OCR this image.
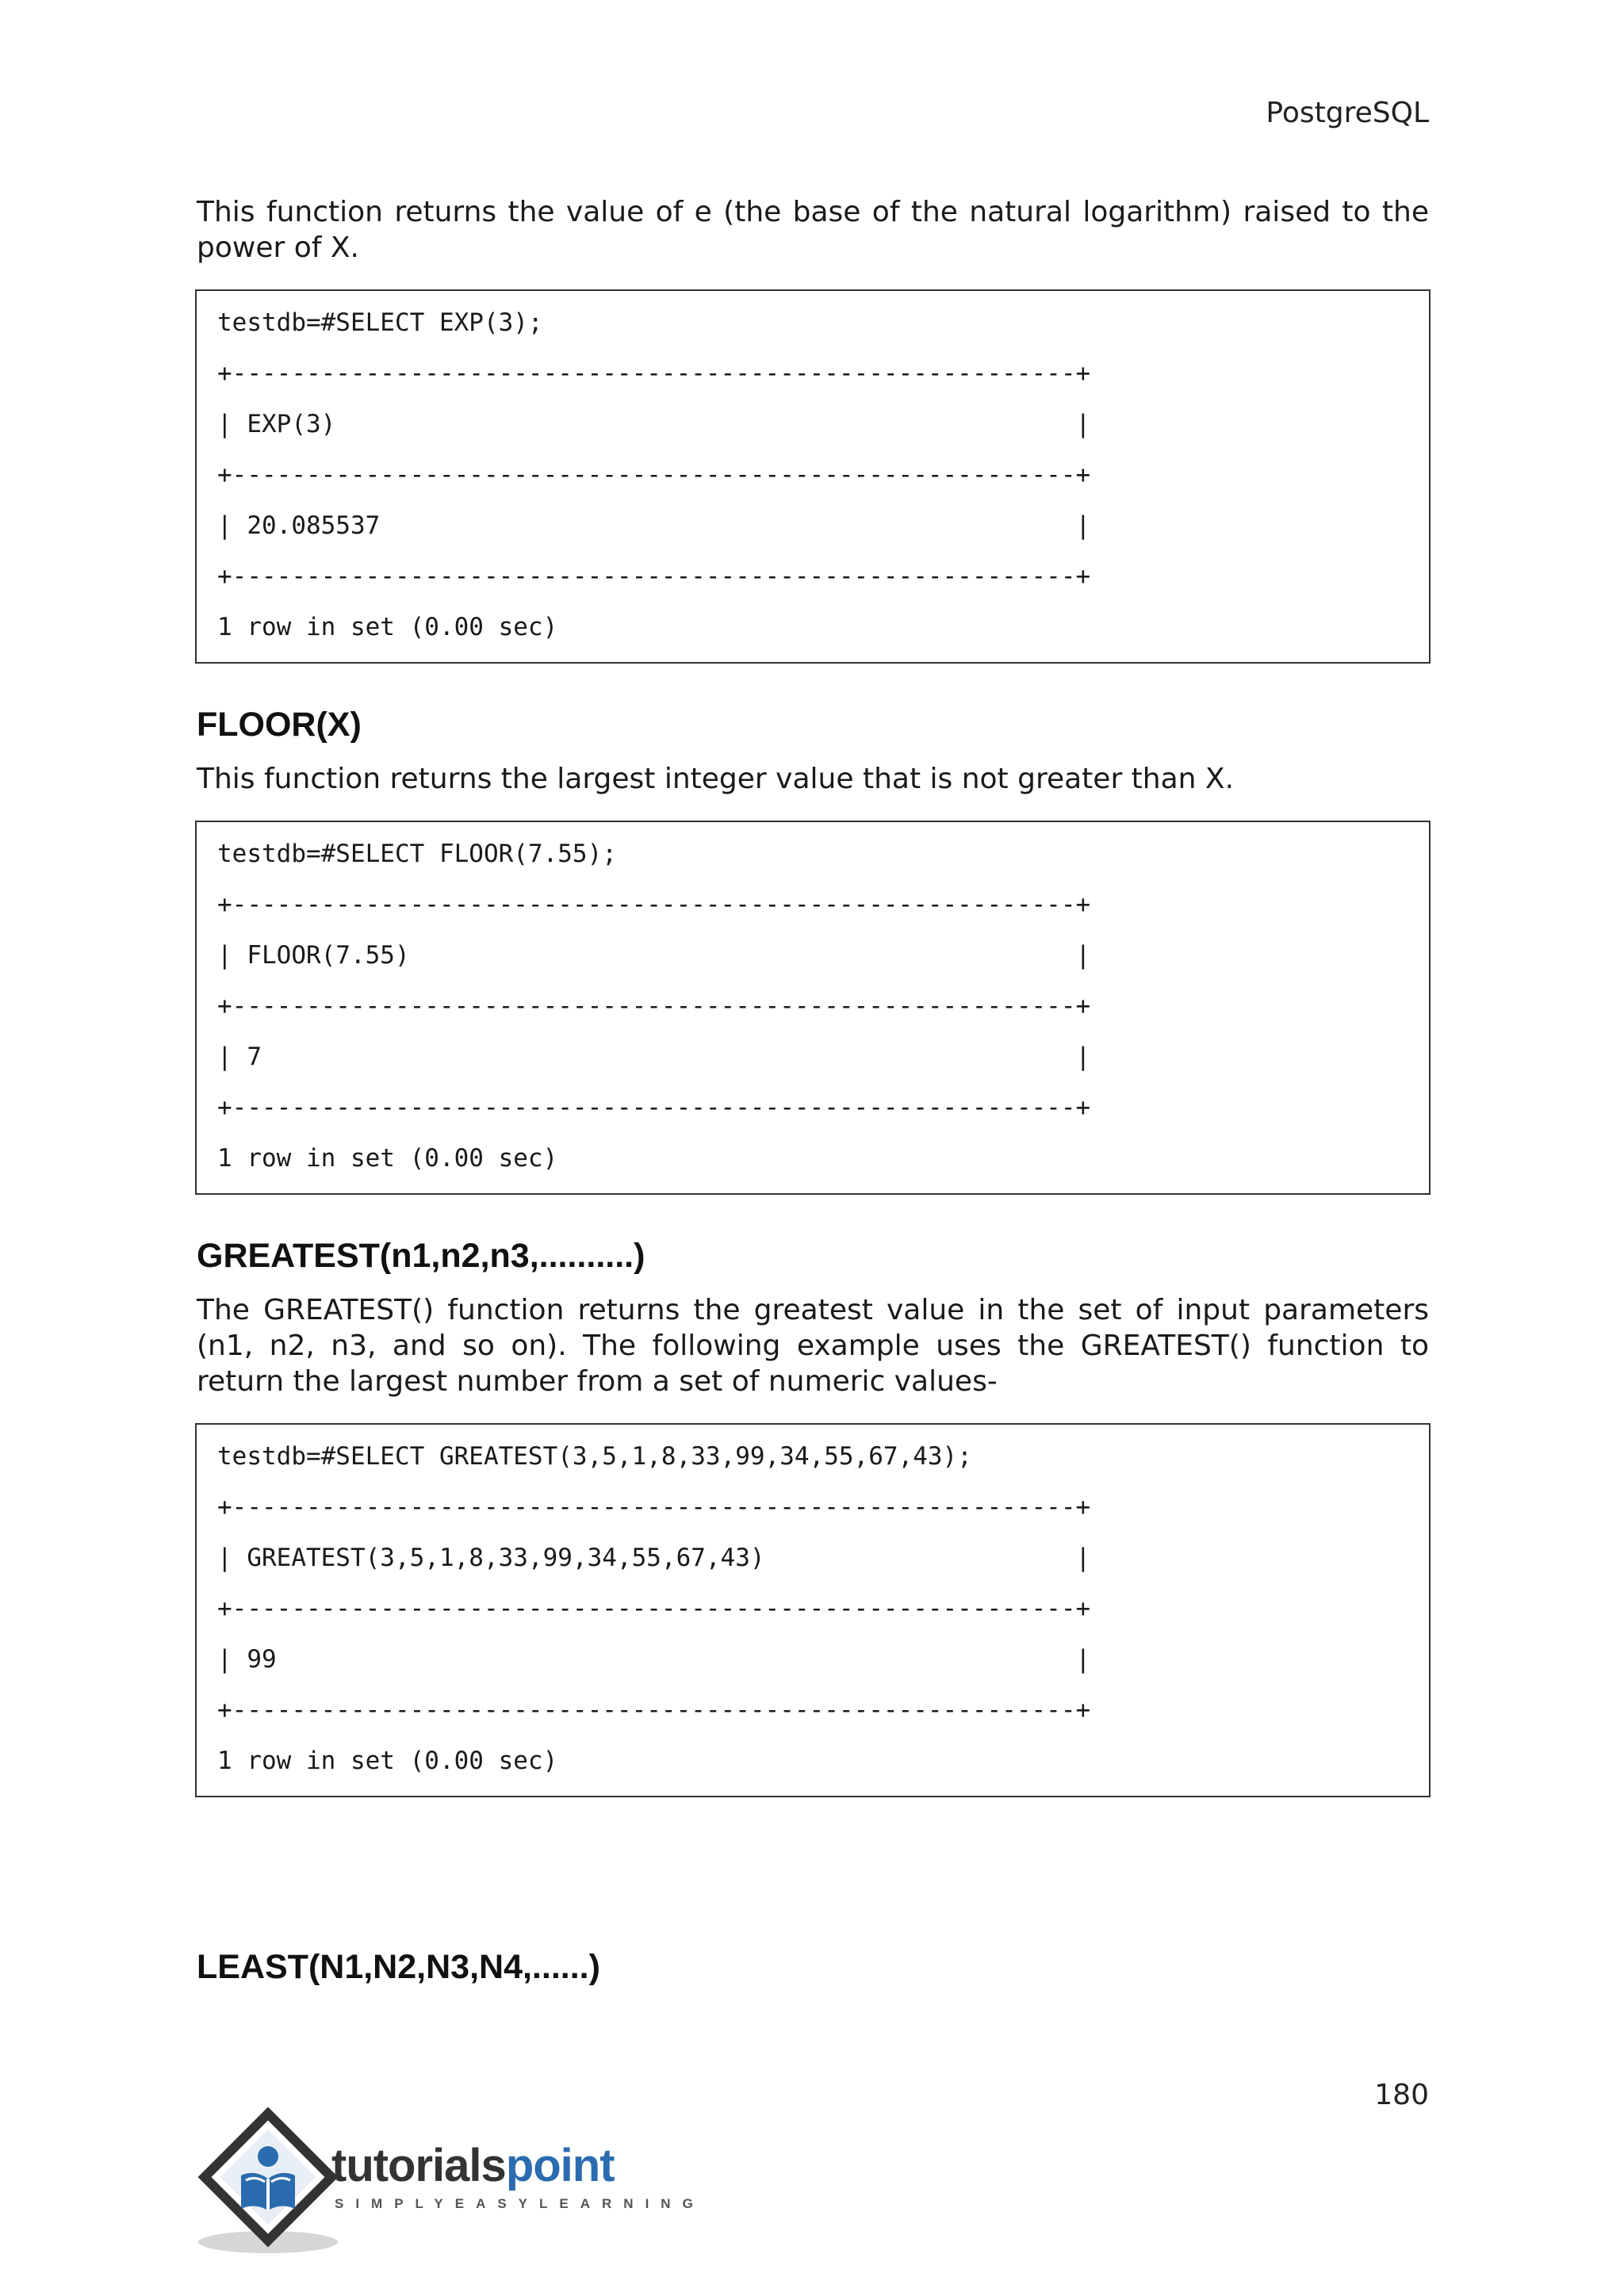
PostgreSQL

This function returns the value of e (the base of the natural logarithm) raised to the power of X.

testdb=#SELECT EXP(3);
+---------------------------------------------------------+
| EXP(3)                                                  |
+---------------------------------------------------------+
| 20.085537                                               |
+---------------------------------------------------------+
1 row in set (0.00 sec)
FLOOR(X)

This function returns the largest integer value that is not greater than X.

testdb=#SELECT FLOOR(7.55);
+---------------------------------------------------------+
| FLOOR(7.55)                                             |
+---------------------------------------------------------+
| 7                                                       |
+---------------------------------------------------------+
1 row in set (0.00 sec)
GREATEST(n1,n2,n3,..........)

The GREATEST() function returns the greatest value in the set of input parameters (n1, n2, n3, and so on). The following example uses the GREATEST() function to return the largest number from a set of numeric values-

testdb=#SELECT GREATEST(3,5,1,8,33,99,34,55,67,43);
+---------------------------------------------------------+
| GREATEST(3,5,1,8,33,99,34,55,67,43)                     |
+---------------------------------------------------------+
| 99                                                      |
+---------------------------------------------------------+
1 row in set (0.00 sec)
LEAST(N1,N2,N3,N4,......)
180
tutorialspoint
SIMPLYEASYLEARNING
